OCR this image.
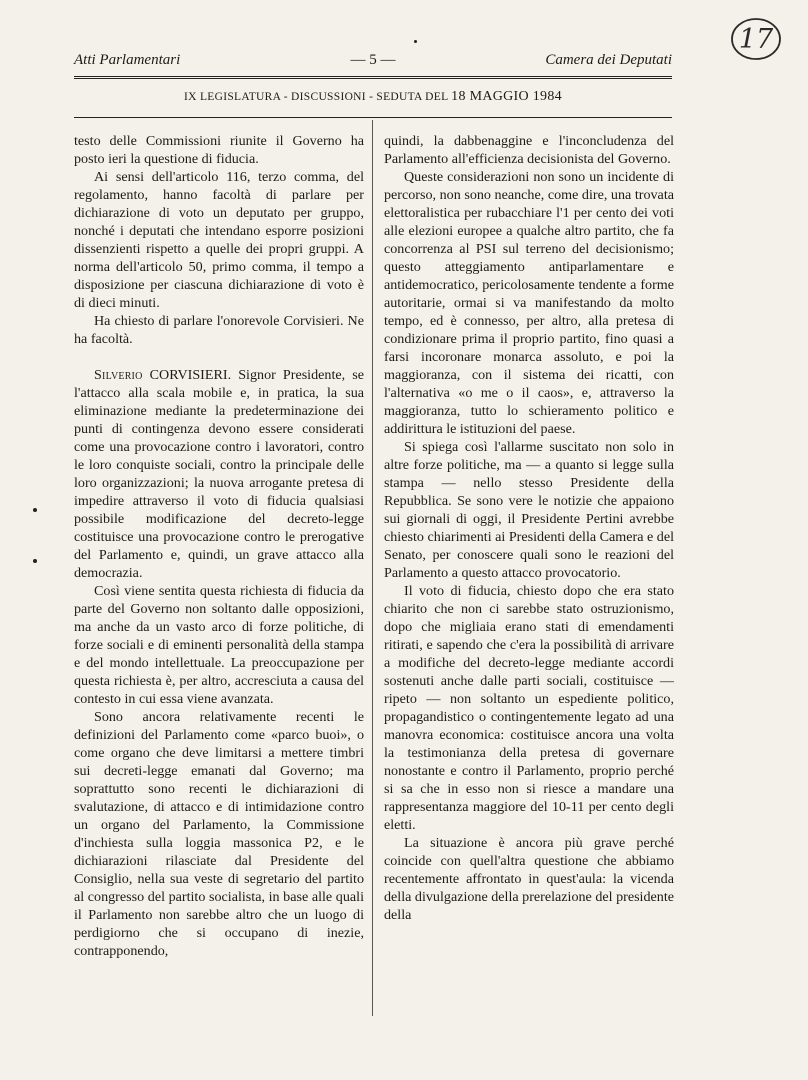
17
Atti Parlamentari	— 5 —	Camera dei Deputati
IX LEGISLATURA - DISCUSSIONI - SEDUTA DEL 18 MAGGIO 1984

testo delle Commissioni riunite il Governo ha posto ieri la questione di fiducia.

Ai sensi dell'articolo 116, terzo comma, del regolamento, hanno facoltà di parlare per dichiarazione di voto un deputato per gruppo, nonché i deputati che intendano esporre posizioni dissenzienti rispetto a quelle dei propri gruppi. A norma dell'articolo 50, primo comma, il tempo a disposizione per ciascuna dichiarazione di voto è di dieci minuti.

Ha chiesto di parlare l'onorevole Corvisieri. Ne ha facoltà.

Silverio CORVISIERI. Signor Presidente, se l'attacco alla scala mobile e, in pratica, la sua eliminazione mediante la predeterminazione dei punti di contingenza devono essere considerati come una provocazione contro i lavoratori, contro le loro conquiste sociali, contro la principale delle loro organizzazioni; la nuova arrogante pretesa di impedire attraverso il voto di fiducia qualsiasi possibile modificazione del decreto-legge costituisce una provocazione contro le prerogative del Parlamento e, quindi, un grave attacco alla democrazia.

Così viene sentita questa richiesta di fiducia da parte del Governo non soltanto dalle opposizioni, ma anche da un vasto arco di forze politiche, di forze sociali e di eminenti personalità della stampa e del mondo intellettuale. La preoccupazione per questa richiesta è, per altro, accresciuta a causa del contesto in cui essa viene avanzata.

Sono ancora relativamente recenti le definizioni del Parlamento come «parco buoi», o come organo che deve limitarsi a mettere timbri sui decreti-legge emanati dal Governo; ma soprattutto sono recenti le dichiarazioni di svalutazione, di attacco e di intimidazione contro un organo del Parlamento, la Commissione d'inchiesta sulla loggia massonica P2, e le dichiarazioni rilasciate dal Presidente del Consiglio, nella sua veste di segretario del partito al congresso del partito socialista, in base alle quali il Parlamento non sarebbe altro che un luogo di perdigiorno che si occupano di inezie, contrapponendo,

quindi, la dabbenaggine e l'inconcludenza del Parlamento all'efficienza decisionista del Governo.

Queste considerazioni non sono un incidente di percorso, non sono neanche, come dire, una trovata elettoralistica per rubacchiare l'1 per cento dei voti alle elezioni europee a qualche altro partito, che fa concorrenza al PSI sul terreno del decisionismo; questo atteggiamento antiparlamentare e antidemocratico, pericolosamente tendente a forme autoritarie, ormai si va manifestando da molto tempo, ed è connesso, per altro, alla pretesa di condizionare prima il proprio partito, fino quasi a farsi incoronare monarca assoluto, e poi la maggioranza, con il sistema dei ricatti, con l'alternativa «o me o il caos», e, attraverso la maggioranza, tutto lo schieramento politico e addirittura le istituzioni del paese.

Si spiega così l'allarme suscitato non solo in altre forze politiche, ma — a quanto si legge sulla stampa — nello stesso Presidente della Repubblica. Se sono vere le notizie che appaiono sui giornali di oggi, il Presidente Pertini avrebbe chiesto chiarimenti ai Presidenti della Camera e del Senato, per conoscere quali sono le reazioni del Parlamento a questo attacco provocatorio.

Il voto di fiducia, chiesto dopo che era stato chiarito che non ci sarebbe stato ostruzionismo, dopo che migliaia erano stati di emendamenti ritirati, e sapendo che c'era la possibilità di arrivare a modifiche del decreto-legge mediante accordi sostenuti anche dalle parti sociali, costituisce — ripeto — non soltanto un espediente politico, propagandistico o contingentemente legato ad una manovra economica: costituisce ancora una volta la testimonianza della pretesa di governare nonostante e contro il Parlamento, proprio perché si sa che in esso non si riesce a mandare una rappresentanza maggiore del 10-11 per cento degli eletti.

La situazione è ancora più grave perché coincide con quell'altra questione che abbiamo recentemente affrontato in quest'aula: la vicenda della divulgazione della prerelazione del presidente della
